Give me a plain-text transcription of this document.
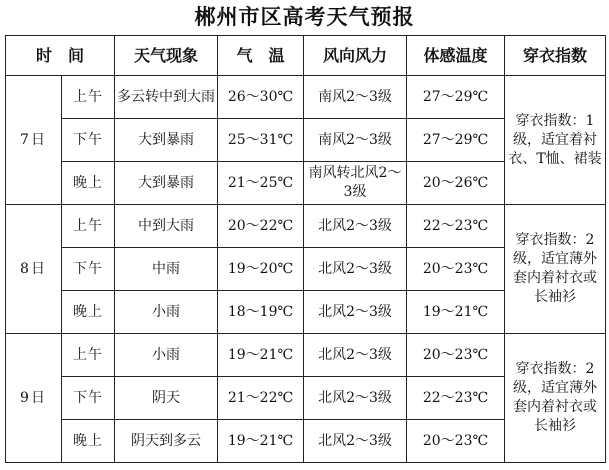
郴州市区高考天气预报
时　间		天气现象	气　温	风向风力	体感温度	穿衣指数
7日	上午	多云转中到大雨	26～30℃	南风2～3级	27～29℃	穿衣指数：1级，适宜着衬衣、T恤、裙装
	下午	大到暴雨	25～31℃	南风2～3级	27～29℃	
	晚上	大到暴雨	21～25℃	南风转北风2～3级	20～26℃	
8日	上午	中到大雨	20～22℃	北风2～3级	22～23℃	穿衣指数：2级，适宜薄外套内着衬衣或长袖衫
	下午	中雨	19～20℃	北风2～3级	20～23℃	
	晚上	小雨	18～19℃	北风2～3级	19～21℃	
9日	上午	小雨	19～21℃	北风2～3级	20～23℃	穿衣指数：2级，适宜薄外套内着衬衣或长袖衫
	下午	阴天	21～22℃	北风2～3级	22～23℃	
	晚上	阴天到多云	19～21℃	北风2～3级	20～23℃	
